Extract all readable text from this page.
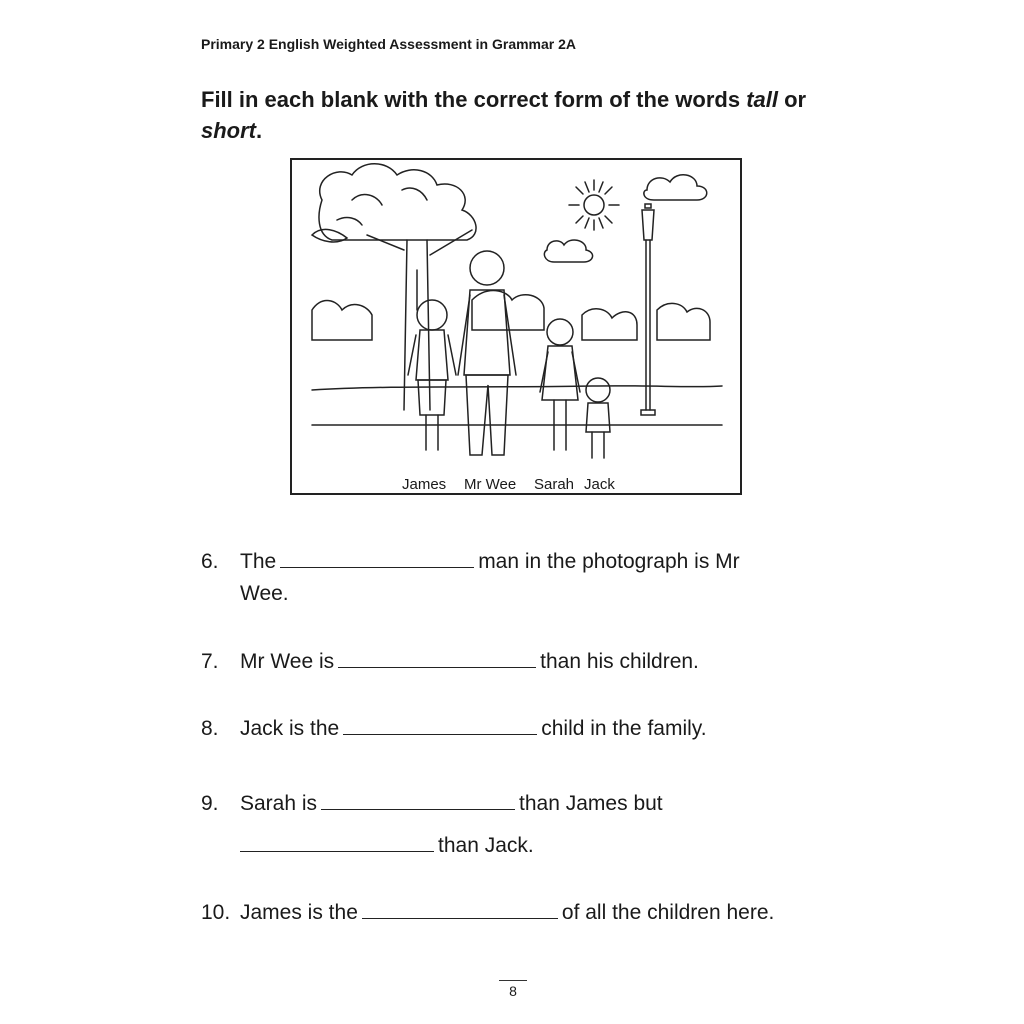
Primary 2 English Weighted Assessment in Grammar 2A
Fill in each blank with the correct form of the words tall or
short.
James Mr Wee Sarah Jack
6. The	man in the photograph is Mr
Wee.
7. Mr Wee is	than his children.
8. Jack is the	child in the family.
9. Sarah is	than James but
than Jack.
10. James is the	of all the children here.
8
